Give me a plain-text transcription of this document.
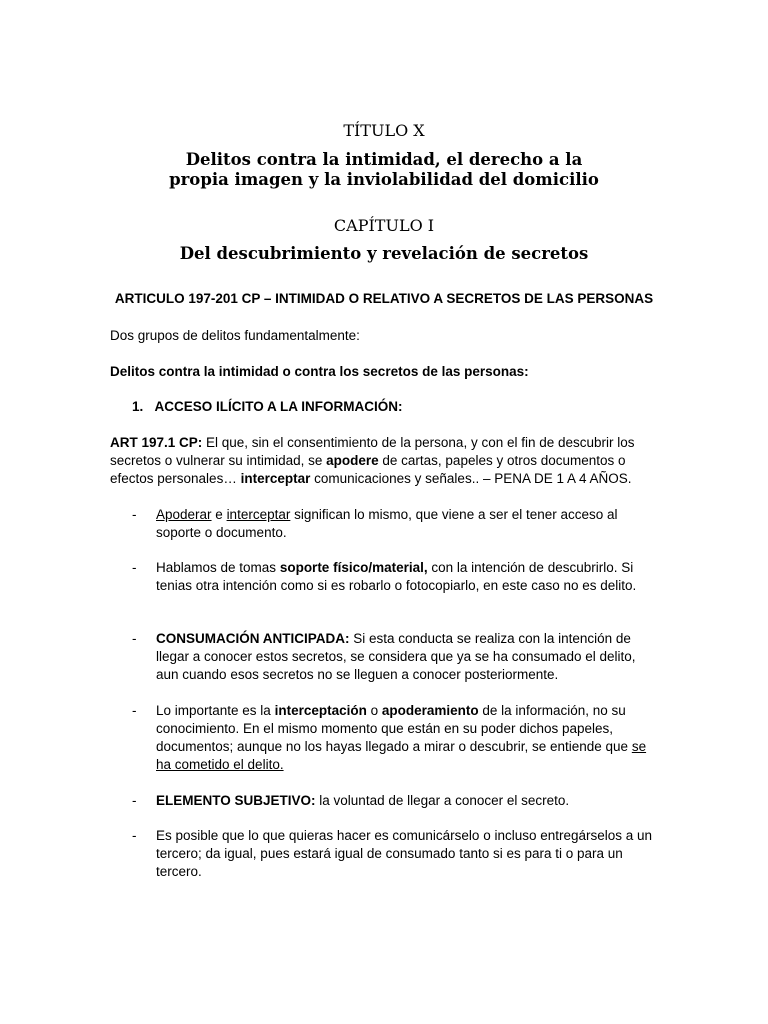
TÍTULO X
Delitos contra la intimidad, el derecho a la
propia imagen y la inviolabilidad del domicilio
CAPÍTULO I
Del descubrimiento y revelación de secretos
ARTICULO 197-201 CP – INTIMIDAD O RELATIVO A SECRETOS DE LAS PERSONAS
Dos grupos de delitos fundamentalmente:
Delitos contra la intimidad o contra los secretos de las personas:
1. ACCESO ILÍCITO A LA INFORMACIÓN:
ART 197.1 CP: El que, sin el consentimiento de la persona, y con el fin de descubrir los secretos o vulnerar su intimidad, se apodere de cartas, papeles y otros documentos o efectos personales… interceptar comunicaciones y señales.. – PENA DE 1 A 4 AÑOS.
- Apoderar e interceptar significan lo mismo, que viene a ser el tener acceso al soporte o documento.
- Hablamos de tomas soporte físico/material, con la intención de descubrirlo. Si tenias otra intención como si es robarlo o fotocopiarlo, en este caso no es delito.
- CONSUMACIÓN ANTICIPADA: Si esta conducta se realiza con la intención de llegar a conocer estos secretos, se considera que ya se ha consumado el delito, aun cuando esos secretos no se lleguen a conocer posteriormente.
- Lo importante es la interceptación o apoderamiento de la información, no su conocimiento. En el mismo momento que están en su poder dichos papeles, documentos; aunque no los hayas llegado a mirar o descubrir, se entiende que se ha cometido el delito.
- ELEMENTO SUBJETIVO: la voluntad de llegar a conocer el secreto.
- Es posible que lo que quieras hacer es comunicárselo o incluso entregárselos a un tercero; da igual, pues estará igual de consumado tanto si es para ti o para un tercero.
